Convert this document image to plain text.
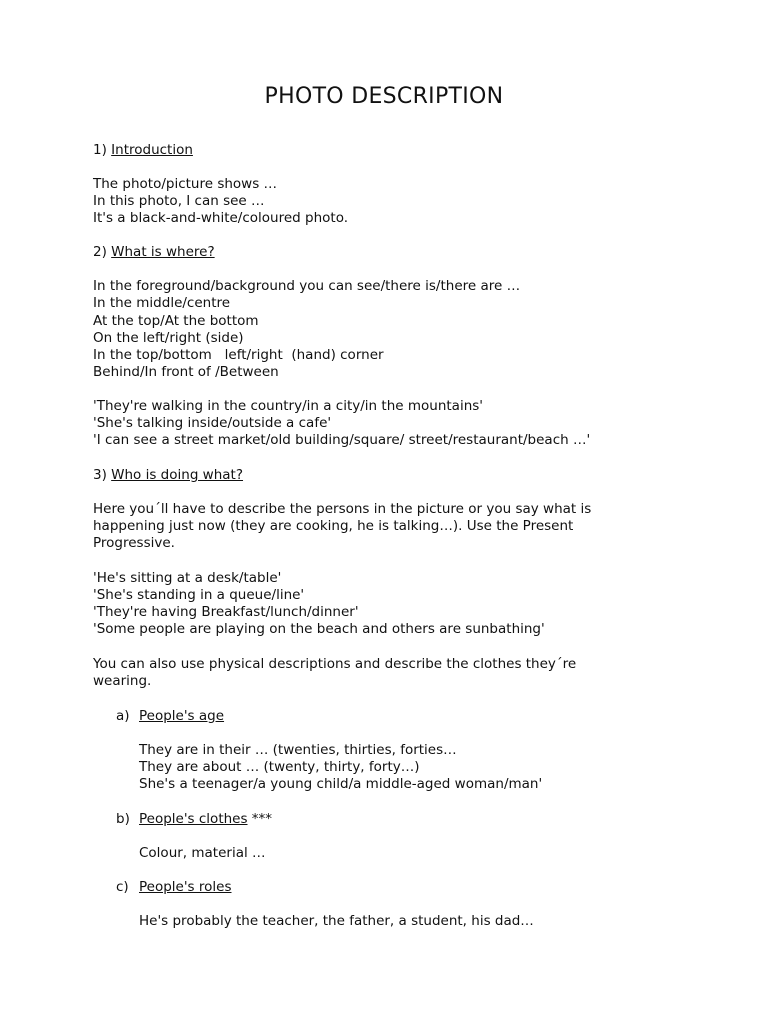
PHOTO DESCRIPTION
1) Introduction
The photo/picture shows …
In this photo, I can see …
It's a black-and-white/coloured photo.
2) What is where?
In the foreground/background you can see/there is/there are …
In the middle/centre
At the top/At the bottom
On the left/right (side)
In the top/bottom   left/right  (hand) corner
Behind/In front of /Between
'They're walking in the country/in a city/in the mountains'
'She's talking inside/outside a cafe'
'I can see a street market/old building/square/ street/restaurant/beach …'
3) Who is doing what?
Here you´ll have to describe the persons in the picture or you say what is
happening just now (they are cooking, he is talking…). Use the Present
Progressive.
'He's sitting at a desk/table'
'She's standing in a queue/line'
'They're having Breakfast/lunch/dinner'
'Some people are playing on the beach and others are sunbathing'
You can also use physical descriptions and describe the clothes they´re
wearing.
a) People's age
They are in their … (twenties, thirties, forties…
They are about … (twenty, thirty, forty…)
She's a teenager/a young child/a middle-aged woman/man'
b) People's clothes ***
Colour, material …
c) People's roles
He's probably the teacher, the father, a student, his dad…
